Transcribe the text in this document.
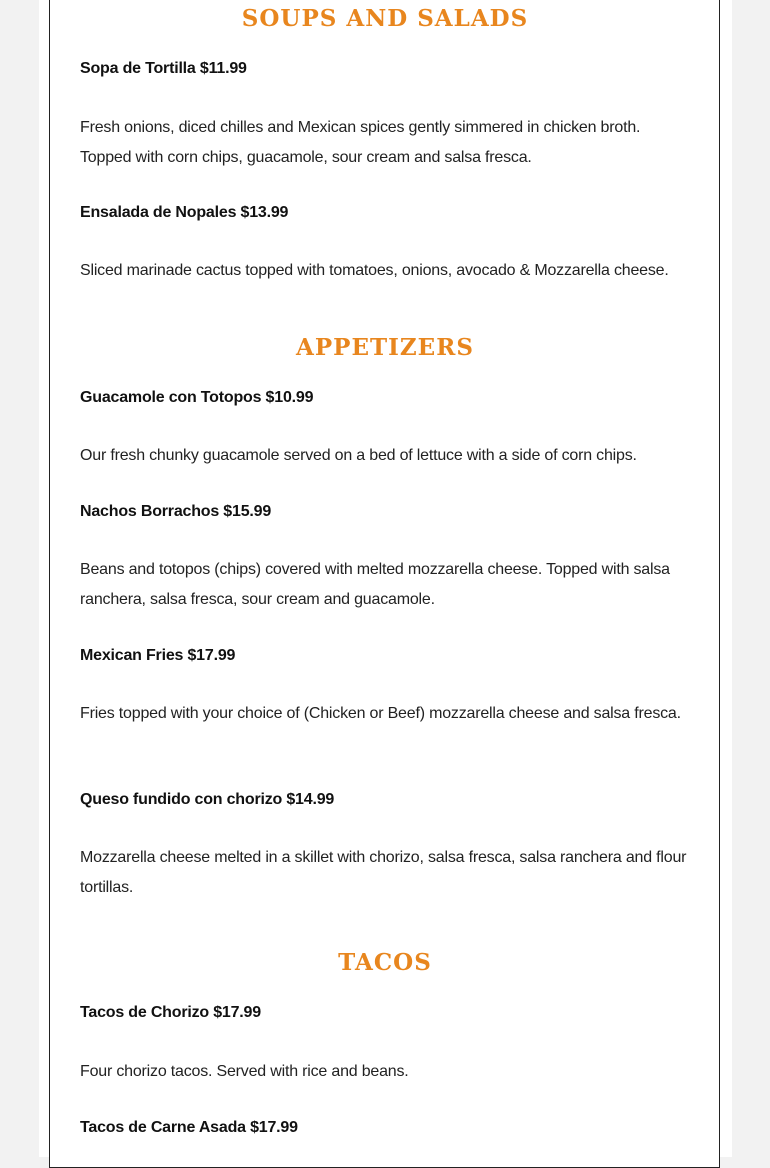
SOUPS AND SALADS

Sopa de Tortilla $11.99

Fresh onions, diced chilles and Mexican spices gently simmered in chicken broth. Topped with corn chips, guacamole, sour cream and salsa fresca.

Ensalada de Nopales $13.99

Sliced marinade cactus topped with tomatoes, onions, avocado & Mozzarella cheese.

APPETIZERS

Guacamole con Totopos $10.99

Our fresh chunky guacamole served on a bed of lettuce with a side of corn chips.

Nachos Borrachos $15.99

Beans and totopos (chips) covered with melted mozzarella cheese. Topped with salsa ranchera, salsa fresca, sour cream and guacamole.

Mexican Fries $17.99

Fries topped with your choice of (Chicken or Beef) mozzarella cheese and salsa fresca.

Queso fundido con chorizo $14.99

Mozzarella cheese melted in a skillet with chorizo, salsa fresca, salsa ranchera and flour tortillas.

TACOS

Tacos de Chorizo $17.99

Four chorizo tacos. Served with rice and beans.

Tacos de Carne Asada $17.99
